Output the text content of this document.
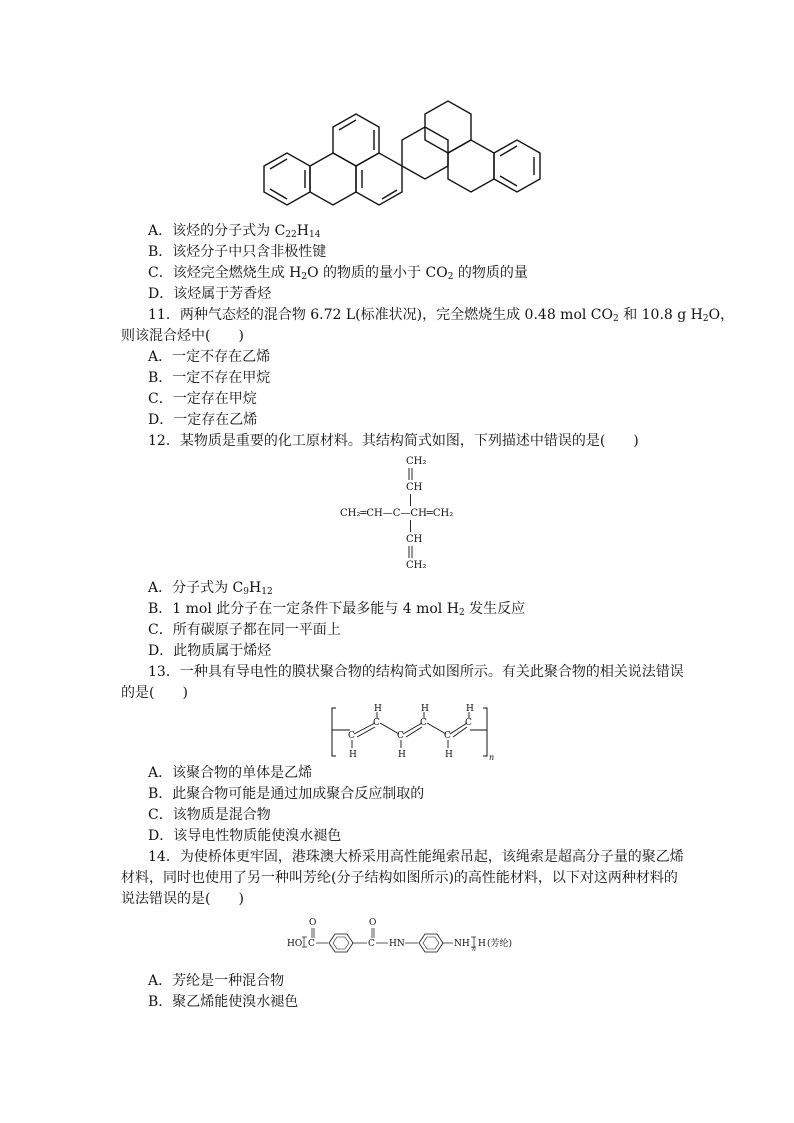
A．该烃的分子式为 $C_{22}H_{14}$
B．该烃分子中只含非极性键
C．该烃完全燃烧生成 $H_2O$ 的物质的量小于 $CO_2$ 的物质的量
D．该烃属于芳香烃
11．两种气态烃的混合物 6.72 L(标准状况)，完全燃烧生成 0.48 mol $CO_2$ 和 10.8 g $H_2O$，
则该混合烃中(　　)
A．一定不存在乙烯
B．一定不存在甲烷
C．一定存在甲烷
D．一定存在乙烯
12．某物质是重要的化工原材料。其结构简式如图，下列描述中错误的是(　　)
CH₂
CH
CH₂═CH—C—CH═CH₂
CH
CH₂
A．分子式为 $C_9H_{12}$
B．1 mol 此分子在一定条件下最多能与 4 mol $H_2$ 发生反应
C．所有碳原子都在同一平面上
D．此物质属于烯烃
13．一种具有导电性的膜状聚合物的结构简式如图所示。有关此聚合物的相关说法错误
的是(　　)
C
H
C
H
C
H
C
H
C
H
C
H
n
A．该聚合物的单体是乙烯
B．此聚合物可能是通过加成聚合反应制取的
C．该物质是混合物
D．该导电性物质能使溴水褪色
14．为使桥体更牢固，港珠澳大桥采用高性能绳索吊起，该绳索是超高分子量的聚乙烯
材料，同时也使用了另一种叫芳纶(分子结构如图所示)的高性能材料，以下对这两种材料的
说法错误的是(　　)
HO C
O
C
O
HN	NH
n
H (芳纶)
A．芳纶是一种混合物
B．聚乙烯能使溴水褪色
